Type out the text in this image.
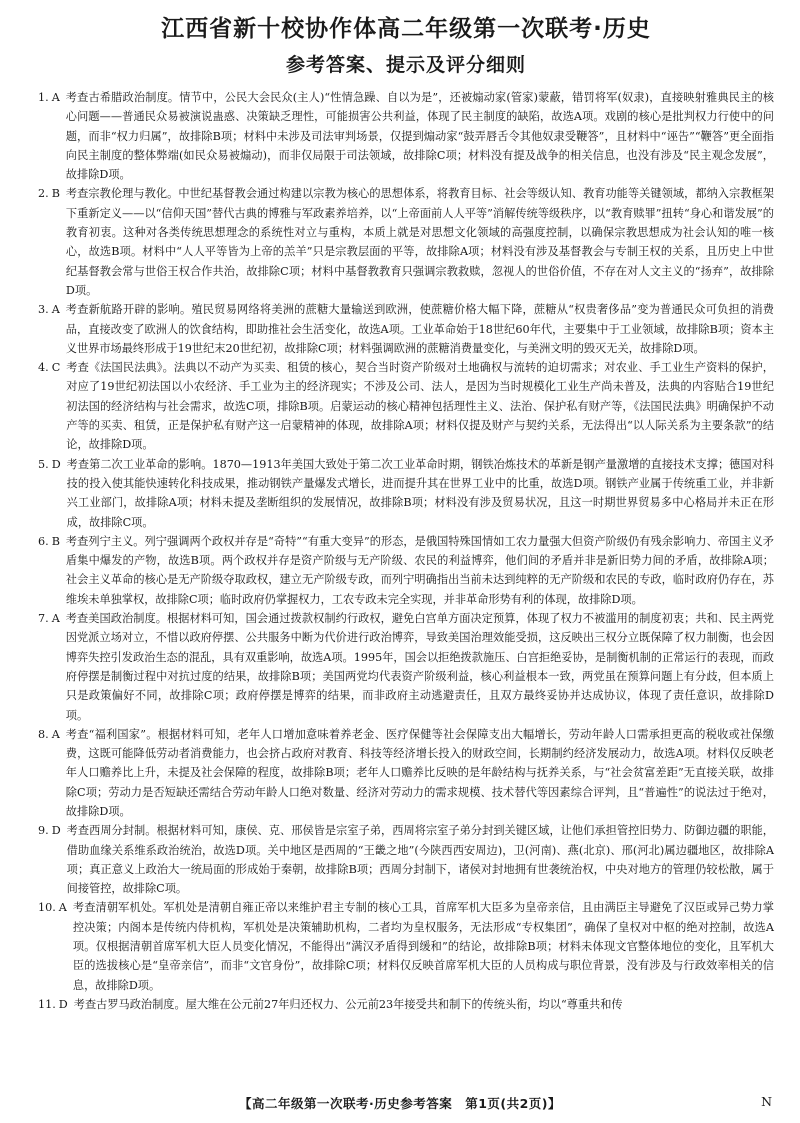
江西省新十校协作体高二年级第一次联考·历史
参考答案、提示及评分细则
1. A 考查古希腊政治制度。情节中，公民大会民众(主人)“性情急躁、自以为是”，还被煽动家(管家)蒙蔽，错罚将军(奴隶)，直接映射雅典民主的核心问题——普通民众易被演说蛊惑、决策缺乏理性，可能损害公共利益，体现了民主制度的缺陷，故选A项。戏剧的核心是批判权力行使中的问题，而非“权力归属”，故排除B项；材料中未涉及司法审判场景，仅提到煽动家“鼓弄唇舌令其他奴隶受鞭答”，且材料中“诬告”“鞭答”更全面指向民主制度的整体弊端(如民众易被煽动)，而非仅局限于司法领域，故排除C项；材料没有提及战争的相关信息，也没有涉及“民主观念发展”，故排除D项。
2. B 考查宗教伦理与教化。中世纪基督教会通过构建以宗教为核心的思想体系，将教育目标、社会等级认知、教育功能等关键领域，都纳入宗教框架下重新定义——以“信仰天国”替代古典的博雅与军政素养培养，以“上帝面前人人平等”消解传统等级秩序，以“教育赎罪”扭转“身心和谐发展”的教育初衷。这种对各类传统思想理念的系统性对立与重构，本质上就是对思想文化领域的高强度控制，以确保宗教思想成为社会认知的唯一核心，故选B项。材料中“人人平等皆为上帝的羔羊”只是宗教层面的平等，故排除A项；材料没有涉及基督教会与专制王权的关系，且历史上中世纪基督教会常与世俗王权合作共治，故排除C项；材料中基督教教育只强调宗教救赎，忽视人的世俗价值，不存在对人文主义的“扬弃”，故排除D项。
3. A 考查新航路开辟的影响。殖民贸易网络将美洲的蔗糖大量输送到欧洲，使蔗糖价格大幅下降，蔗糖从“权贵奢侈品”变为普通民众可负担的消费品，直接改变了欧洲人的饮食结构，即助推社会生活变化，故选A项。工业革命始于18世纪60年代，主要集中于工业领域，故排除B项；资本主义世界市场最终形成于19世纪末20世纪初，故排除C项；材料强调欧洲的蔗糖消费量变化，与美洲文明的毁灭无关，故排除D项。
4. C 考查《法国民法典》。法典以不动产为买卖、租赁的核心，契合当时资产阶级对土地确权与流转的迫切需求；对农业、手工业生产资料的保护，对应了19世纪初法国以小农经济、手工业为主的经济现实；不涉及公司、法人，是因为当时规模化工业生产尚未普及，法典的内容贴合19世纪初法国的经济结构与社会需求，故选C项，排除B项。启蒙运动的核心精神包括理性主义、法治、保护私有财产等，《法国民法典》明确保护不动产等的买卖、租赁，正是保护私有财产这一启蒙精神的体现，故排除A项；材料仅提及财产与契约关系，无法得出“以人际关系为主要条款”的结论，故排除D项。
5. D 考查第二次工业革命的影响。1870—1913年美国大致处于第二次工业革命时期，钢铁冶炼技术的革新是钢产量激增的直接技术支撑；德国对科技的投入使其能快速转化科技成果，推动钢铁产量爆发式增长，进而提升其在世界工业中的比重，故选D项。钢铁产业属于传统重工业，并非新兴工业部门，故排除A项；材料未提及垄断组织的发展情况，故排除B项；材料没有涉及贸易状况，且这一时期世界贸易多中心格局并未正在形成，故排除C项。
6. B 考查列宁主义。列宁强调两个政权并存是“奇特”“有重大变异”的形态，是俄国特殊国情如工农力量强大但资产阶级仍有残余影响力、帝国主义矛盾集中爆发的产物，故选B项。两个政权并存是资产阶级与无产阶级、农民的利益博弈，他们间的矛盾并非是新旧势力间的矛盾，故排除A项；社会主义革命的核心是无产阶级夺取政权，建立无产阶级专政，而列宁明确指出当前未达到纯粹的无产阶级和农民的专政，临时政府仍存在，苏维埃未单独掌权，故排除C项；临时政府仍掌握权力，工农专政未完全实现，并非革命形势有利的体现，故排除D项。
7. A 考查美国政治制度。根据材料可知，国会通过拨款权制约行政权，避免白宫单方面决定预算，体现了权力不被滥用的制度初衷；共和、民主两党因党派立场对立，不惜以政府停摆、公共服务中断为代价进行政治博弈，导致美国治理效能受损，这反映出三权分立既保障了权力制衡，也会因博弈失控引发政治生态的混乱，具有双重影响，故选A项。1995年，国会以拒绝拨款施压、白宫拒绝妥协，是制衡机制的正常运行的表现，而政府停摆是制衡过程中对抗过度的结果，故排除B项；美国两党均代表资产阶级利益，核心利益根本一致，两党虽在预算问题上有分歧，但本质上只是政策偏好不同，故排除C项；政府停摆是博弈的结果，而非政府主动逃避责任，且双方最终妥协并达成协议，体现了责任意识，故排除D项。
8. A 考查“福利国家”。根据材料可知，老年人口增加意味着养老金、医疗保健等社会保障支出大幅增长，劳动年龄人口需承担更高的税收或社保缴费，这既可能降低劳动者消费能力，也会挤占政府对教育、科技等经济增长投入的财政空间，长期制约经济发展动力，故选A项。材料仅反映老年人口赡养比上升，未提及社会保障的程度，故排除B项；老年人口赡养比反映的是年龄结构与抚养关系，与“社会贫富差距”无直接关联，故排除C项；劳动力是否短缺还需结合劳动年龄人口绝对数量、经济对劳动力的需求规模、技术替代等因素综合评判，且“普遍性”的说法过于绝对，故排除D项。
9. D 考查西周分封制。根据材料可知，康侯、克、邢侯皆是宗室子弟，西周将宗室子弟分封到关键区域，让他们承担管控旧势力、防御边疆的职能，借助血缘关系维系政治统治，故选D项。关中地区是西周的“王畿之地”(今陕西西安周边)，卫(河南)、燕(北京)、邢(河北)属边疆地区，故排除A项；真正意义上政治大一统局面的形成始于秦朝，故排除B项；西周分封制下，诸侯对封地拥有世袭统治权，中央对地方的管理仍较松散，属于间接管控，故排除C项。
10. A 考查清朝军机处。军机处是清朝自雍正帝以来维护君主专制的核心工具，首席军机大臣多为皇帝亲信，且由满臣主导避免了汉臣或异己势力掌控决策；内阁本是传统内侍机构，军机处是决策辅助机构，二者均为皇权服务，无法形成“专权集团”，确保了皇权对中枢的绝对控制，故选A项。仅根据清朝首席军机大臣人员变化情况，不能得出“满汉矛盾得到缓和”的结论，故排除B项；材料未体现文官整体地位的变化，且军机大臣的选拔核心是“皇帝亲信”，而非“文官身份”，故排除C项；材料仅反映首席军机大臣的人员构成与职位背景，没有涉及与行政效率相关的信息，故排除D项。
11. D 考查古罗马政治制度。屋大维在公元前27年归还权力、公元前23年接受共和制下的传统头衔，均以“尊重共和传
【高二年级第一次联考·历史参考答案　第1页(共2页)】	N
